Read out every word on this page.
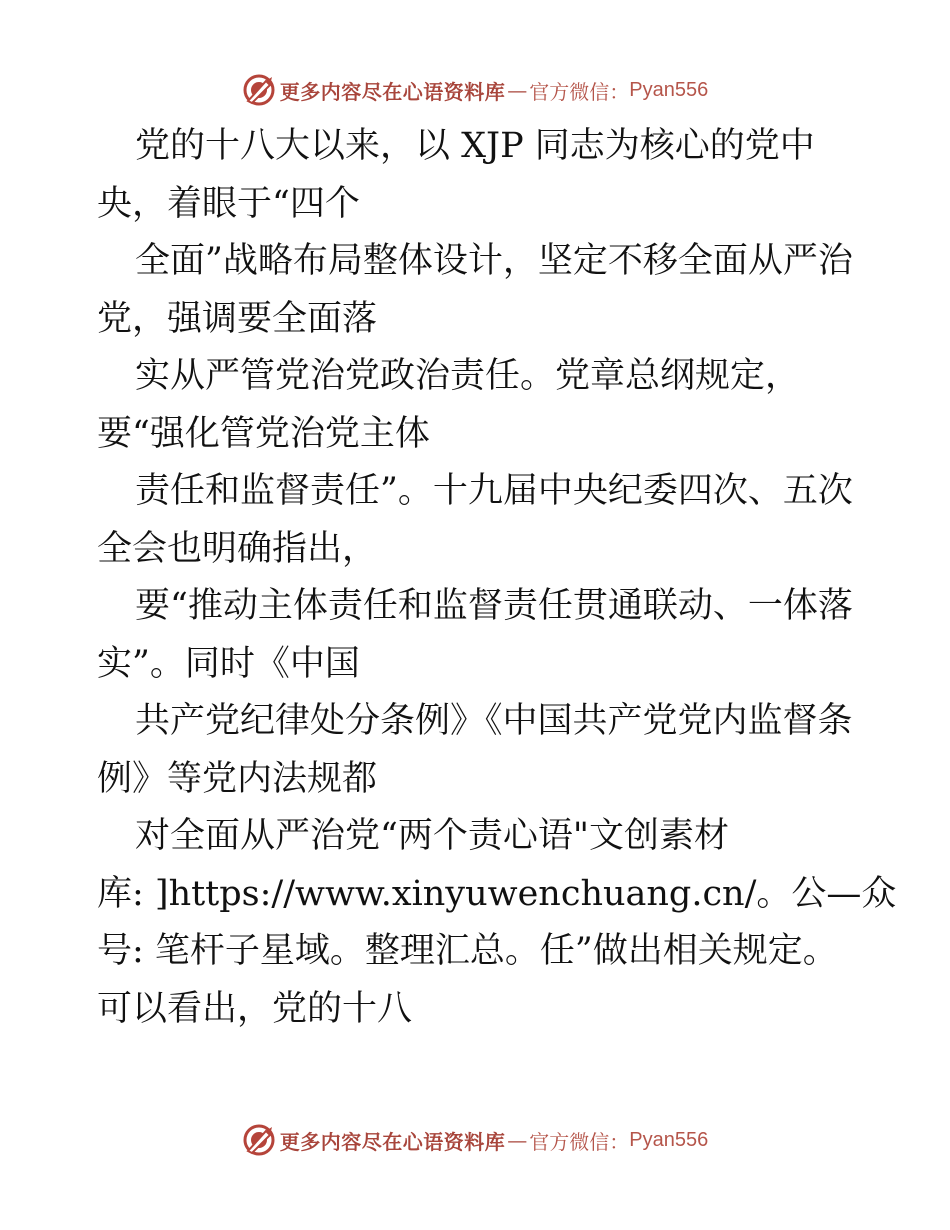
更多内容尽在心语资料库 — 官方微信： Pyan556
党的十八大以来，以 XJP 同志为核心的党中
央，着眼于“四个
全面”战略布局整体设计，坚定不移全面从严治
党，强调要全面落
实从严管党治党政治责任。党章总纲规定，
要“强化管党治党主体
责任和监督责任”。十九届中央纪委四次、五次
全会也明确指出，
要“推动主体责任和监督责任贯通联动、一体落
实”。同时《中国
共产党纪律处分条例》《中国共产党党内监督条
例》等党内法规都
对全面从严治党“两个责心语"文创素材
库: ]https://www.xinyuwenchuang.cn/。公—众
号: 笔杆子星域。整理汇总。任”做出相关规定。
可以看出，党的十八
更多内容尽在心语资料库 — 官方微信： Pyan556
